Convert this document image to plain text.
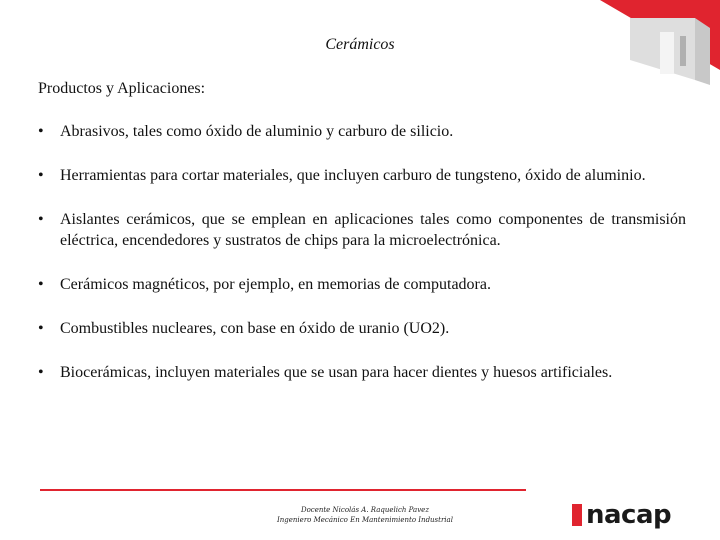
Cerámicos
Productos y Aplicaciones:
•	Abrasivos, tales como óxido de aluminio y carburo de silicio.
•	Herramientas para cortar materiales, que incluyen carburo de tungsteno, óxido de aluminio.
•	Aislantes cerámicos, que se emplean en aplicaciones tales como componentes de transmisión eléctrica, encendedores y sustratos de chips para la microelectrónica.
•	Cerámicos magnéticos, por ejemplo, en memorias de computadora.
•	Combustibles nucleares, con base en óxido de uranio (UO2).
•	Biocerámicas, incluyen materiales que se usan para hacer dientes y huesos artificiales.
Docente Nicolás A. Raquelich Pavez
Ingeniero Mecánico En Mantenimiento Industrial	nacap
